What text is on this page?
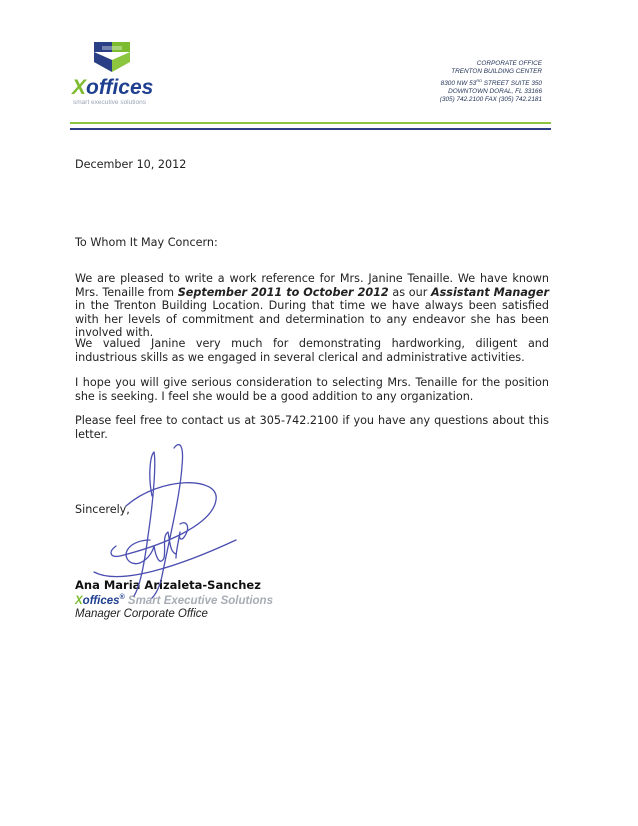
Xoffices
smart executive solutions
CORPORATE OFFICE
TRENTON BUILDING CENTER
8300 NW 53RD STREET SUITE 350
DOWNTOWN DORAL, FL 33166
(305) 742.2100 FAX (305) 742.2181
December 10, 2012
To Whom It May Concern:
We are pleased to write a work reference for Mrs. Janine Tenaille. We have known Mrs. Tenaille from September 2011 to October 2012 as our Assistant Manager in the Trenton Building Location. During that time we have always been satisfied with her levels of commitment and determination to any endeavor she has been involved with.
We valued Janine very much for demonstrating hardworking, diligent and industrious skills as we engaged in several clerical and administrative activities.
I hope you will give serious consideration to selecting Mrs. Tenaille for the position she is seeking. I feel she would be a good addition to any organization.
Please feel free to contact us at 305-742.2100 if you have any questions about this letter.
Sincerely,
Ana Maria Arizaleta-Sanchez
Xoffices® Smart Executive Solutions
Manager Corporate Office
